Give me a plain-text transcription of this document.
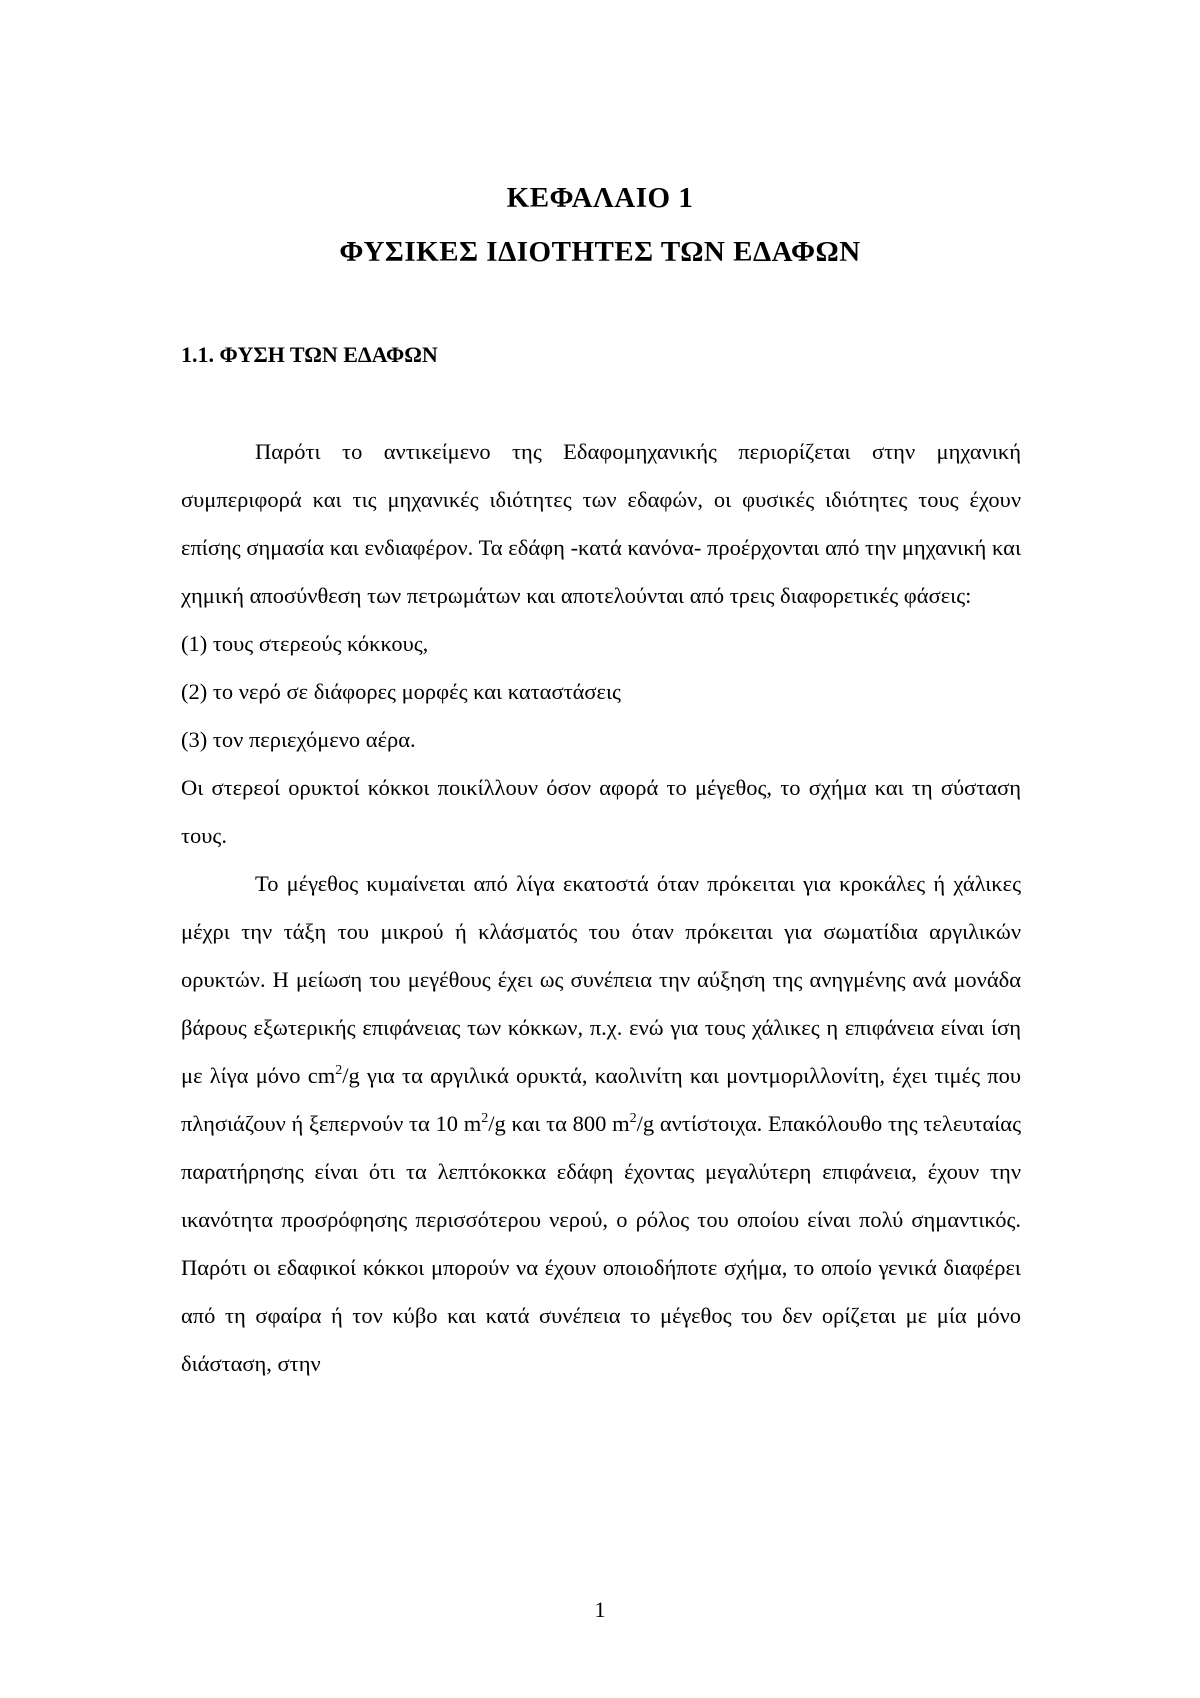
ΚΕΦΑΛΑΙΟ 1
ΦΥΣΙΚΕΣ ΙΔΙΟΤΗΤΕΣ ΤΩΝ ΕΔΑΦΩΝ
1.1. ΦΥΣΗ ΤΩΝ ΕΔΑΦΩΝ

Παρότι το αντικείμενο της Εδαφομηχανικής περιορίζεται στην μηχανική συμπεριφορά και τις μηχανικές ιδιότητες των εδαφών, οι φυσικές ιδιότητες τους έχουν επίσης σημασία και ενδιαφέρον. Τα εδάφη -κατά κανόνα- προέρχονται από την μηχανική και χημική αποσύνθεση των πετρωμάτων και αποτελούνται από τρεις διαφορετικές φάσεις:

(1) τους στερεούς κόκκους,

(2) το νερό σε διάφορες μορφές και καταστάσεις

(3) τον περιεχόμενο αέρα.

Οι στερεοί ορυκτοί κόκκοι ποικίλλουν όσον αφορά το μέγεθος, το σχήμα και τη σύσταση τους.

Το μέγεθος κυμαίνεται από λίγα εκατοστά όταν πρόκειται για κροκάλες ή χάλικες μέχρι την τάξη του μικρού ή κλάσματός του όταν πρόκειται για σωματίδια αργιλικών ορυκτών. Η μείωση του μεγέθους έχει ως συνέπεια την αύξηση της ανηγμένης ανά μονάδα βάρους εξωτερικής επιφάνειας των κόκκων, π.χ. ενώ για τους χάλικες η επιφάνεια είναι ίση με λίγα μόνο $cm^2/g$ για τα αργιλικά ορυκτά, καολινίτη και μοντμοριλλονίτη, έχει τιμές που πλησιάζουν ή ξεπερνούν τα 10 $m^2/g$ και τα 800 $m^2/g$ αντίστοιχα. Επακόλουθο της τελευταίας παρατήρησης είναι ότι τα λεπτόκοκκα εδάφη έχοντας μεγαλύτερη επιφάνεια, έχουν την ικανότητα προσρόφησης περισσότερου νερού, ο ρόλος του οποίου είναι πολύ σημαντικός. Παρότι οι εδαφικοί κόκκοι μπορούν να έχουν οποιοδήποτε σχήμα, το οποίο γενικά διαφέρει από τη σφαίρα ή τον κύβο και κατά συνέπεια το μέγεθος του δεν ορίζεται με μία μόνο διάσταση, στην

1
